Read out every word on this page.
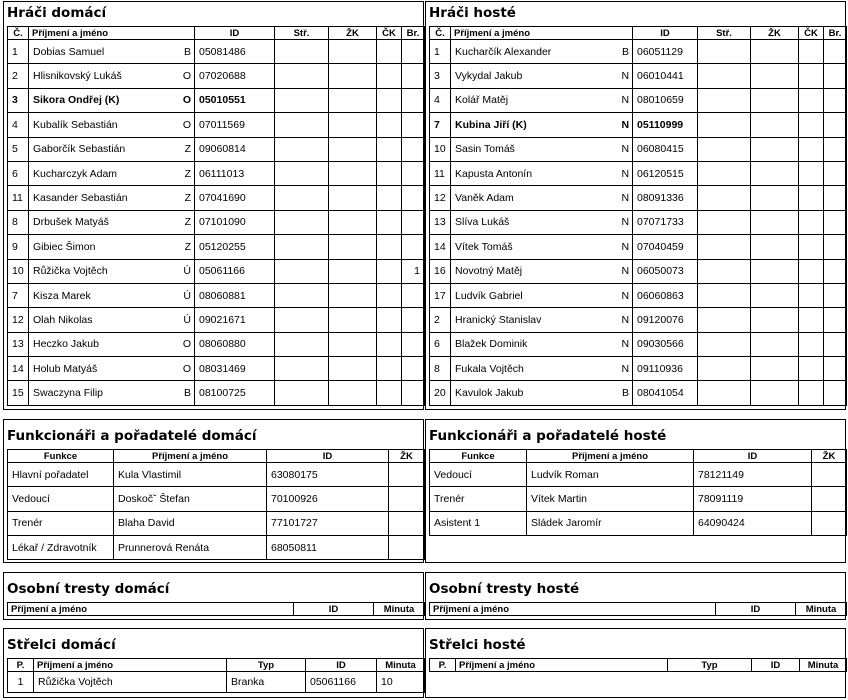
Hráči domácí
Č.	Příjmení a jméno		ID	Stř.	ŽK	ČK	Br.
1	Dobias Samuel	B	05081486				
2	Hlisnikovský Lukáš	O	07020688				
3	Sikora Ondřej (K)	O	05010551				
4	Kubalík Sebastián	O	07011569				
5	Gaborčík Sebastián	Z	09060814				
6	Kucharczyk Adam	Z	06111013				
11	Kasander Sebastián	Z	07041690				
8	Drbušek Matyáš	Z	07101090				
9	Gibiec Šimon	Z	05120255				
10	Růžička Vojtěch	Ú	05061166				1
7	Kisza Marek	Ú	08060881				
12	Olah Nikolas	Ú	09021671				
13	Heczko Jakub	O	08060880				
14	Holub Matyáš	O	08031469				
15	Swaczyna Filip	B	08100725				
Hráči hosté
Č.	Příjmení a jméno		ID	Stř.	ŽK	ČK	Br.
1	Kucharčík Alexander	B	06051129				
3	Vykydal Jakub	N	06010441				
4	Kolář Matěj	N	08010659				
7	Kubina Jiří (K)	N	05110999				
10	Sasin Tomáš	N	06080415				
11	Kapusta Antonín	N	06120515				
12	Vaněk Adam	N	08091336				
13	Slíva Lukáš	N	07071733				
14	Vítek Tomáš	N	07040459				
16	Novotný Matěj	N	06050073				
17	Ludvík Gabriel	N	06060863				
2	Hranický Stanislav	N	09120076				
6	Blažek Dominik	N	09030566				
8	Fukala Vojtěch	N	09110936				
20	Kavulok Jakub	B	08041054				
Funkcionáři a pořadatelé domácí
Funkce	Příjmení a jméno	ID	ŽK
Hlavní pořadatel	Kula Vlastimil	63080175	
Vedoucí	Doskočˇ Štefan	70100926	
Trenér	Blaha David	77101727	
Lékař / Zdravotník	Prunnerová Renáta	68050811	
Funkcionáři a pořadatelé hosté
Funkce	Příjmení a jméno	ID	ŽK
Vedoucí	Ludvík Roman	78121149	
Trenér	Vítek Martin	78091119	
Asistent 1	Sládek Jaromír	64090424	
Osobní tresty domácí
Příjmení a jméno	ID	Minuta
Osobní tresty hosté
Příjmení a jméno	ID	Minuta
Střelci domácí
P.	Příjmení a jméno	Typ	ID	Minuta
1	Růžička Vojtěch	Branka	05061166	10
Střelci hosté
P.	Příjmení a jméno	Typ	ID	Minuta
